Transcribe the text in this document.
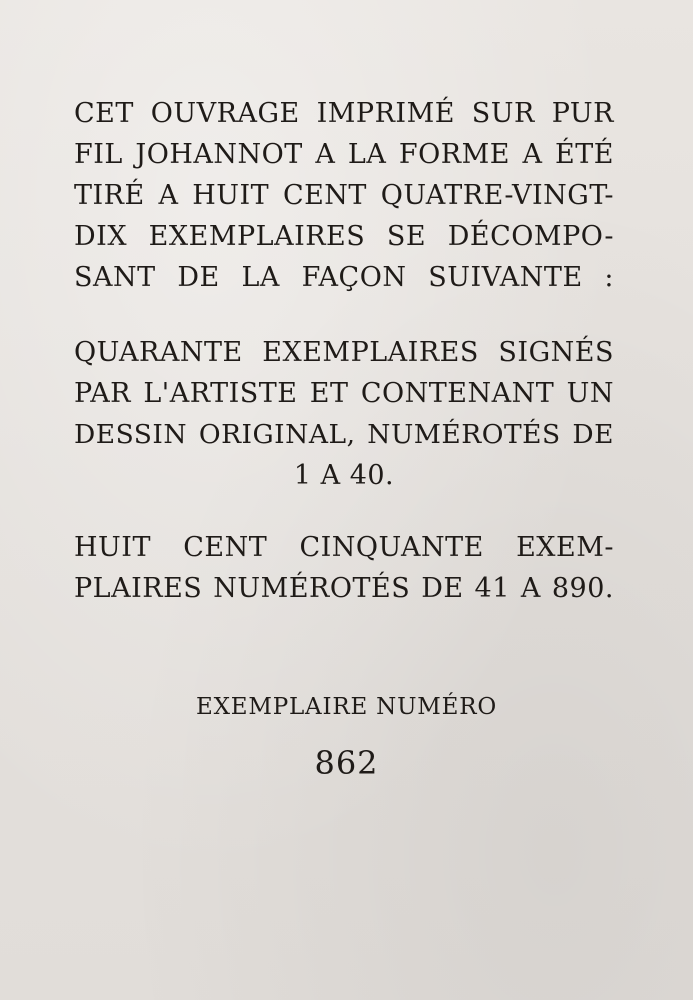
CET OUVRAGE IMPRIMÉ SUR PUR
FIL JOHANNOT A LA FORME A ÉTÉ
TIRÉ A HUIT CENT QUATRE-VINGT-
DIX EXEMPLAIRES SE DÉCOMPO-
SANT DE LA FAÇON SUIVANTE :
QUARANTE EXEMPLAIRES SIGNÉS
PAR L'ARTISTE ET CONTENANT UN
DESSIN ORIGINAL, NUMÉROTÉS DE
1 A 40.
HUIT CENT CINQUANTE EXEM-
PLAIRES NUMÉROTÉS DE 41 A 890.
EXEMPLAIRE NUMÉRO
862
